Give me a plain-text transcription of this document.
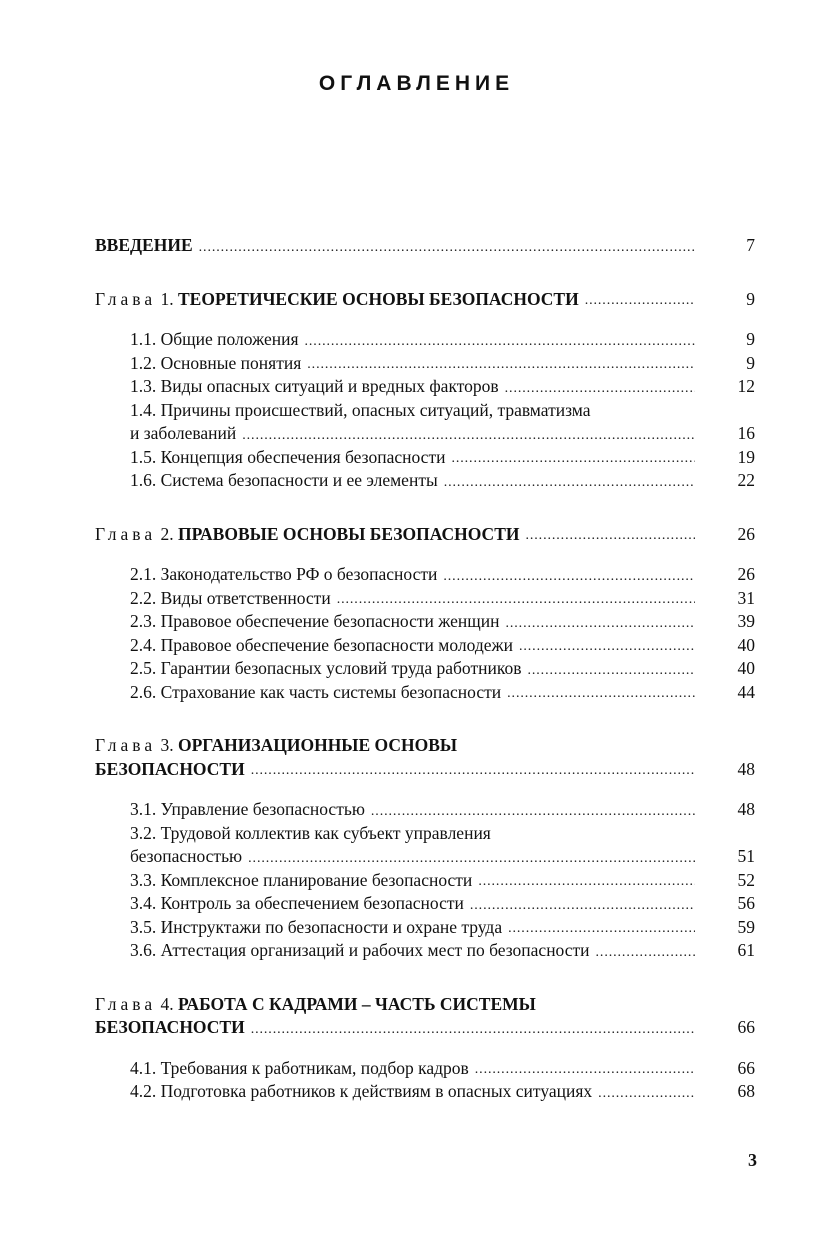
ОГЛАВЛЕНИЕ
ВВЕДЕНИЕ . . .	7
Глава 1. ТЕОРЕТИЧЕСКИЕ ОСНОВЫ БЕЗОПАСНОСТИ . . .	9
1.1. Общие положения . . .	9
1.2. Основные понятия . . .	9
1.3. Виды опасных ситуаций и вредных факторов . . .	12
1.4. Причины происшествий, опасных ситуаций, травматизма
и заболеваний . . .	16
1.5. Концепция обеспечения безопасности . . .	19
1.6. Система безопасности и ее элементы . . .	22
Глава 2. ПРАВОВЫЕ ОСНОВЫ БЕЗОПАСНОСТИ . . .	26
2.1. Законодательство РФ о безопасности . . .	26
2.2. Виды ответственности . . .	31
2.3. Правовое обеспечение безопасности женщин . . .	39
2.4. Правовое обеспечение безопасности молодежи . . .	40
2.5. Гарантии безопасных условий труда работников . . .	40
2.6. Страхование как часть системы безопасности . . .	44
Глава 3. ОРГАНИЗАЦИОННЫЕ ОСНОВЫ
БЕЗОПАСНОСТИ . . .	48
3.1. Управление безопасностью . . .	48
3.2. Трудовой коллектив как субъект управления
безопасностью . . .	51
3.3. Комплексное планирование безопасности . . .	52
3.4. Контроль за обеспечением безопасности . . .	56
3.5. Инструктажи по безопасности и охране труда . . .	59
3.6. Аттестация организаций и рабочих мест по безопасности . . .	61
Глава 4. РАБОТА С КАДРАМИ – ЧАСТЬ СИСТЕМЫ
БЕЗОПАСНОСТИ . . .	66
4.1. Требования к работникам, подбор кадров . . .	66
4.2. Подготовка работников к действиям в опасных ситуациях . . .	68
3
